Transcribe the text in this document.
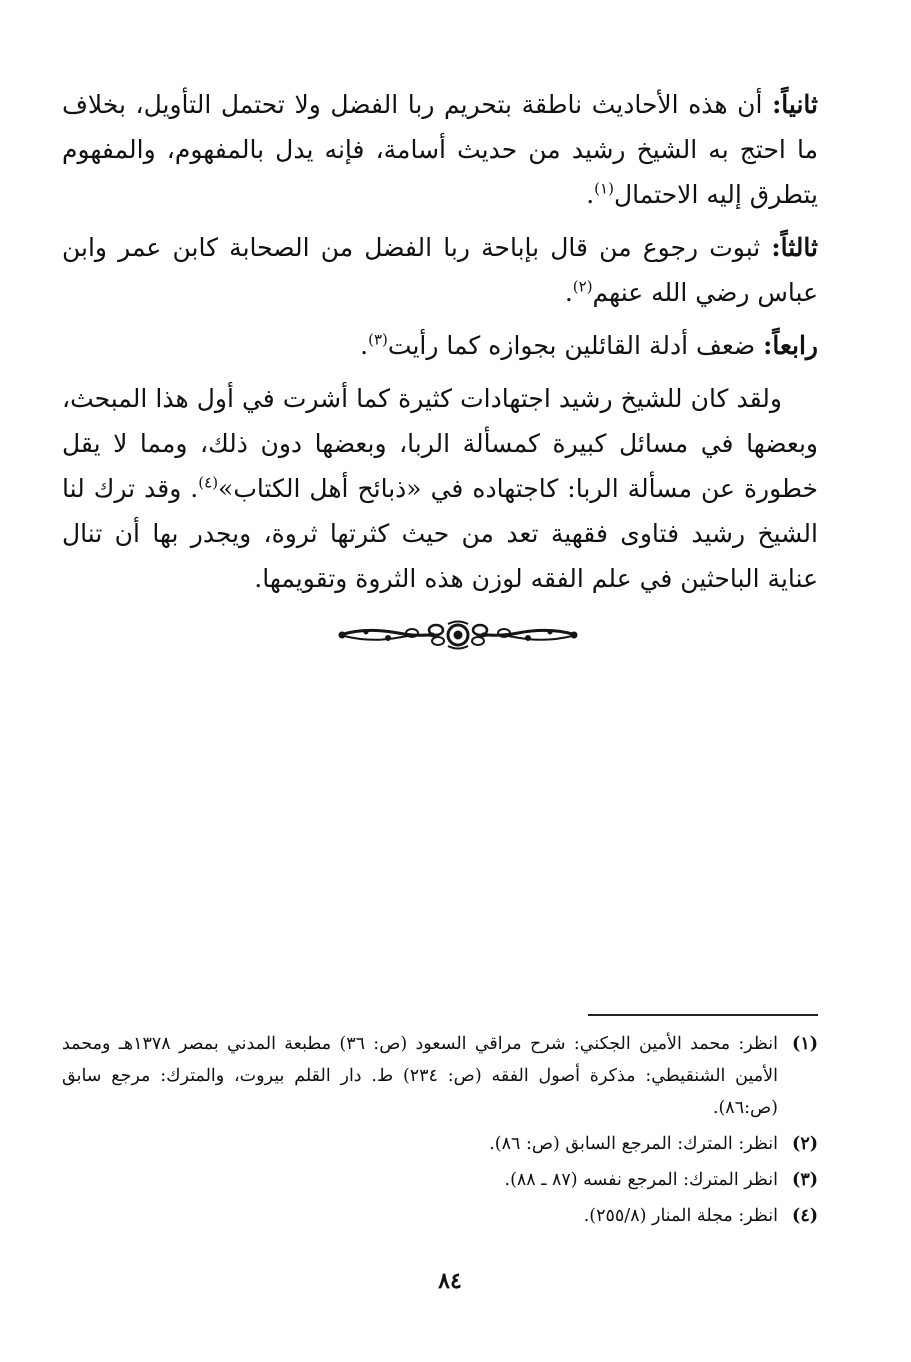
ثانياً: أن هذه الأحاديث ناطقة بتحريم ربا الفضل ولا تحتمل التأويل، بخلاف ما احتج به الشيخ رشيد من حديث أسامة، فإنه يدل بالمفهوم، والمفهوم يتطرق إليه الاحتمال$^{(١)}$.

ثالثاً: ثبوت رجوع من قال بإباحة ربا الفضل من الصحابة كابن عمر وابن عباس رضي الله عنهم$^{(٢)}$.

رابعاً: ضعف أدلة القائلين بجوازه كما رأيت$^{(٣)}$.

ولقد كان للشيخ رشيد اجتهادات كثيرة كما أشرت في أول هذا المبحث، وبعضها في مسائل كبيرة كمسألة الربا، وبعضها دون ذلك، ومما لا يقل خطورة عن مسألة الربا: كاجتهاده في «ذبائح أهل الكتاب»$^{(٤)}$. وقد ترك لنا الشيخ رشيد فتاوى فقهية تعد من حيث كثرتها ثروة، ويجدر بها أن تنال عناية الباحثين في علم الفقه لوزن هذه الثروة وتقويمها.

(١)
انظر: محمد الأمين الجكني: شرح مراقي السعود (ص: ٣٦) مطبعة المدني بمصر ١٣٧٨هـ ومحمد الأمين الشنقيطي: مذكرة أصول الفقه (ص: ٢٣٤) ط. دار القلم بيروت، والمترك: مرجع سابق (ص:٨٦).
(٢)
انظر: المترك: المرجع السابق (ص: ٨٦).
(٣)
انظر المترك: المرجع نفسه (٨٧ ـ ٨٨).
(٤)
انظر: مجلة المنار (٢٥٥/٨).
٨٤
